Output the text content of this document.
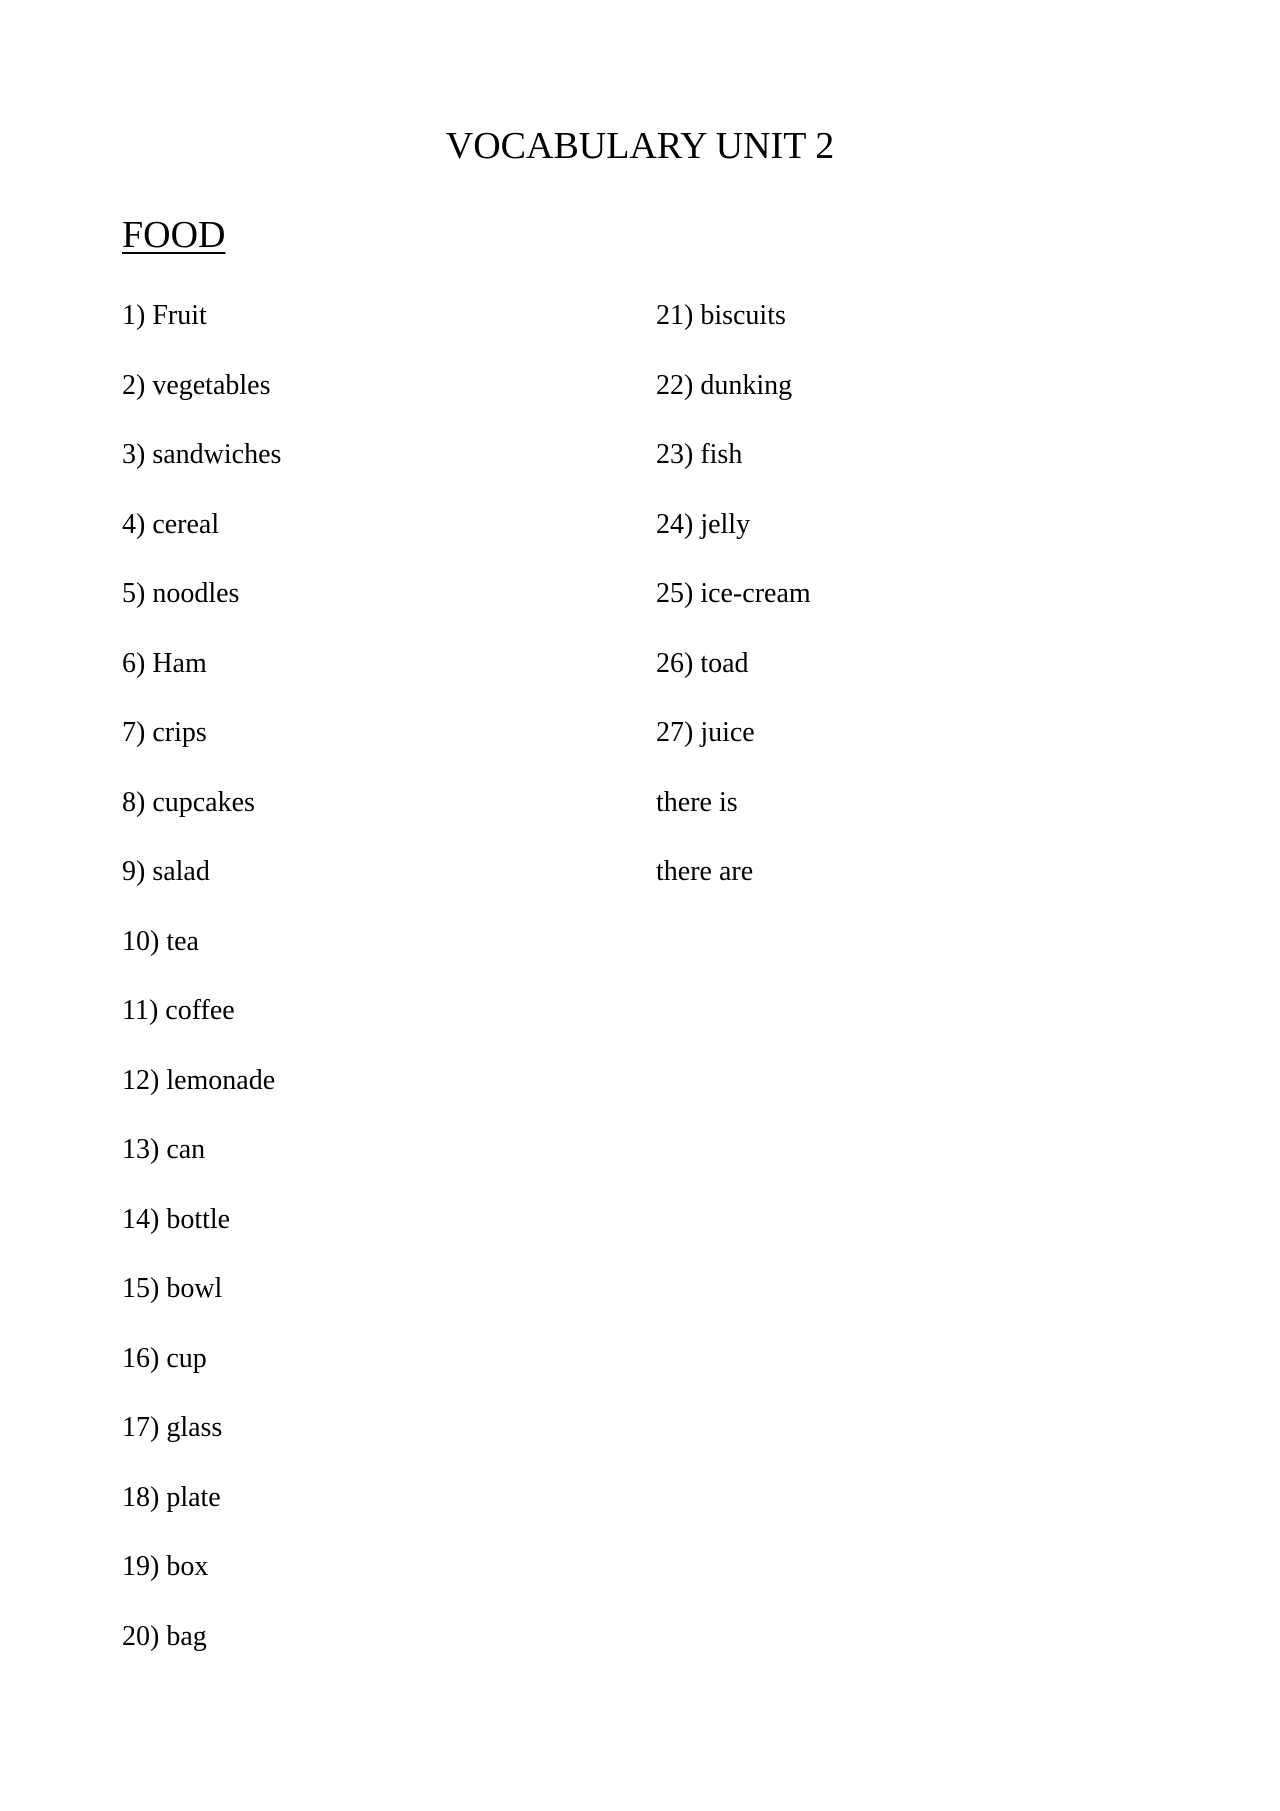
VOCABULARY UNIT 2
FOOD
1) Fruit
2) vegetables
3) sandwiches
4) cereal
5) noodles
6) Ham
7) crips
8) cupcakes
9) salad
10) tea
11) coffee
12) lemonade
13) can
14) bottle
15) bowl
16) cup
17) glass
18) plate
19) box
20) bag
21) biscuits
22) dunking
23) fish
24) jelly
25) ice-cream
26) toad
27) juice
there is
there are
